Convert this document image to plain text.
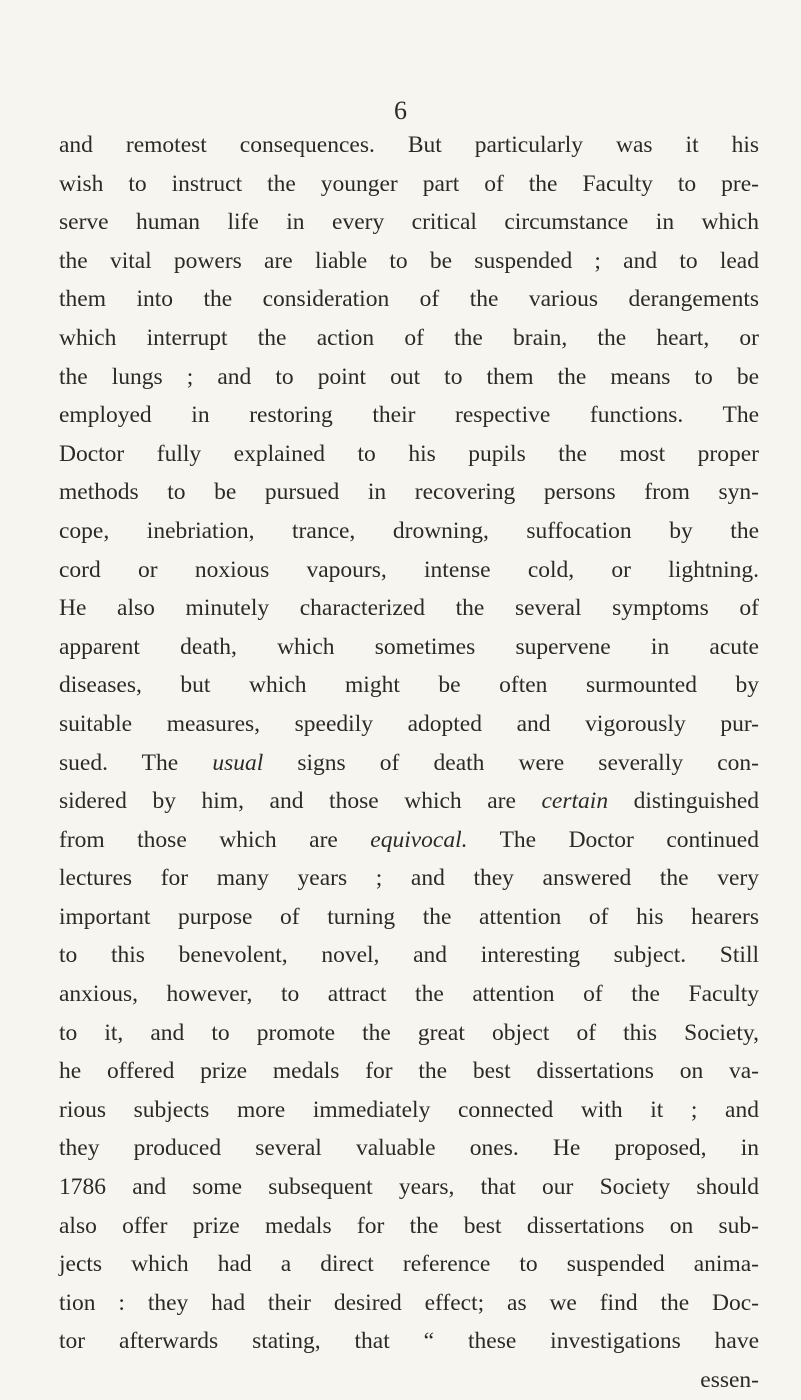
6
and remotest consequences. But particularly was it his
wish to instruct the younger part of the Faculty to pre-
serve human life in every critical circumstance in which
the vital powers are liable to be suspended ; and to lead
them into the consideration of the various derangements
which interrupt the action of the brain, the heart, or
the lungs ; and to point out to them the means to be
employed in restoring their respective functions. The
Doctor fully explained to his pupils the most proper
methods to be pursued in recovering persons from syn-
cope, inebriation, trance, drowning, suffocation by the
cord or noxious vapours, intense cold, or lightning.
He also minutely characterized the several symptoms of
apparent death, which sometimes supervene in acute
diseases, but which might be often surmounted by
suitable measures, speedily adopted and vigorously pur-
sued. The usual signs of death were severally con-
sidered by him, and those which are certain distinguished
from those which are equivocal. The Doctor continued
lectures for many years ; and they answered the very
important purpose of turning the attention of his hearers
to this benevolent, novel, and interesting subject. Still
anxious, however, to attract the attention of the Faculty
to it, and to promote the great object of this Society,
he offered prize medals for the best dissertations on va-
rious subjects more immediately connected with it ; and
they produced several valuable ones. He proposed, in
1786 and some subsequent years, that our Society should
also offer prize medals for the best dissertations on sub-
jects which had a direct reference to suspended anima-
tion : they had their desired effect; as we find the Doc-
tor afterwards stating, that “ these investigations have
essen-
